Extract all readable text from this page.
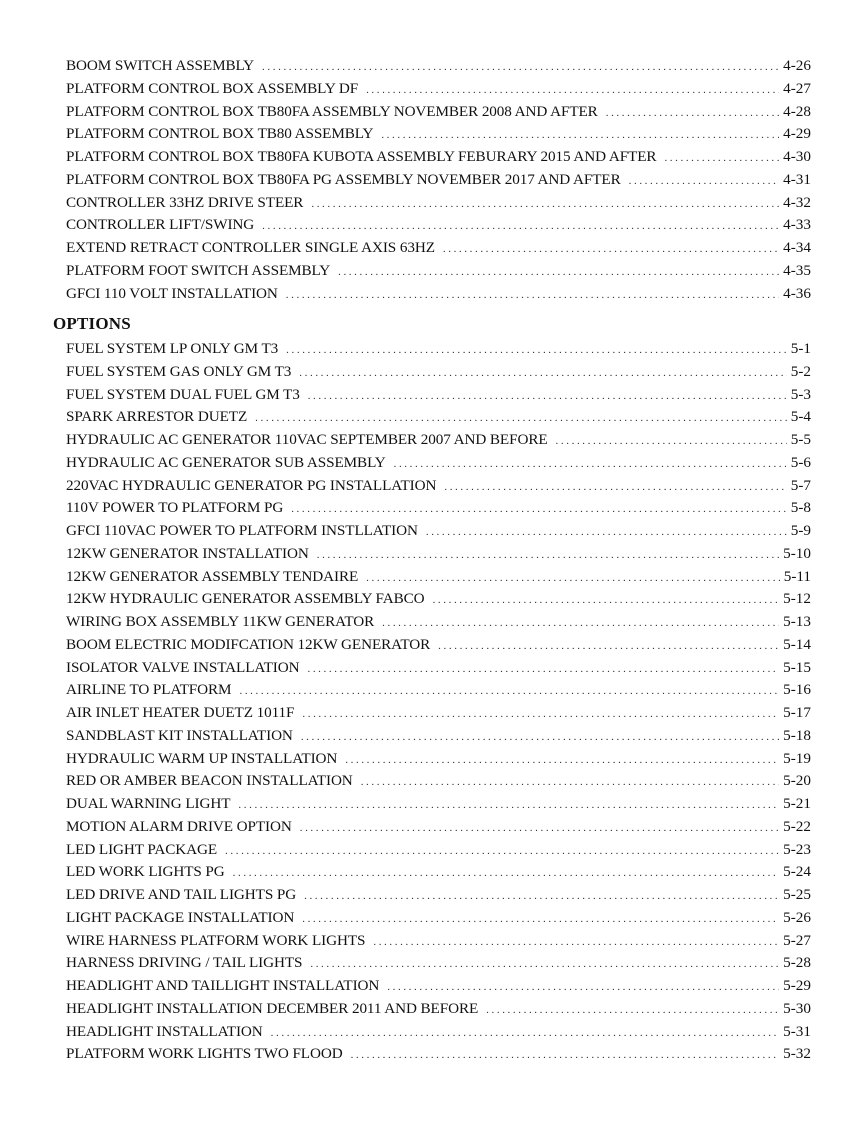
BOOM SWITCH ASSEMBLY .....	4-26
PLATFORM CONTROL BOX ASSEMBLY DF .....	4-27
PLATFORM CONTROL BOX TB80FA ASSEMBLY NOVEMBER 2008 AND AFTER .....	4-28
PLATFORM CONTROL BOX TB80 ASSEMBLY .....	4-29
PLATFORM CONTROL BOX TB80FA KUBOTA ASSEMBLY FEBURARY 2015 AND AFTER .....	4-30
PLATFORM CONTROL BOX TB80FA PG ASSEMBLY NOVEMBER 2017 AND AFTER .....	4-31
CONTROLLER 33HZ DRIVE STEER .....	4-32
CONTROLLER LIFT/SWING .....	4-33
EXTEND RETRACT CONTROLLER SINGLE AXIS 63HZ .....	4-34
PLATFORM FOOT SWITCH ASSEMBLY .....	4-35
GFCI 110 VOLT INSTALLATION .....	4-36
OPTIONS
FUEL SYSTEM LP ONLY GM T3 .....	5-1
FUEL SYSTEM GAS ONLY GM T3 .....	5-2
FUEL SYSTEM DUAL FUEL GM T3 .....	5-3
SPARK ARRESTOR DUETZ .....	5-4
HYDRAULIC AC GENERATOR 110VAC SEPTEMBER 2007 AND BEFORE .....	5-5
HYDRAULIC AC GENERATOR SUB ASSEMBLY .....	5-6
220VAC HYDRAULIC GENERATOR PG INSTALLATION .....	5-7
110V POWER TO PLATFORM PG .....	5-8
GFCI 110VAC POWER TO PLATFORM INSTLLATION .....	5-9
12KW GENERATOR INSTALLATION .....	5-10
12KW GENERATOR ASSEMBLY TENDAIRE .....	5-11
12KW HYDRAULIC GENERATOR ASSEMBLY FABCO .....	5-12
WIRING BOX ASSEMBLY 11KW GENERATOR .....	5-13
BOOM ELECTRIC MODIFCATION 12KW GENERATOR .....	5-14
ISOLATOR VALVE INSTALLATION .....	5-15
AIRLINE TO PLATFORM .....	5-16
AIR INLET HEATER DUETZ 1011F .....	5-17
SANDBLAST KIT INSTALLATION .....	5-18
HYDRAULIC WARM UP INSTALLATION .....	5-19
RED OR AMBER BEACON INSTALLATION .....	5-20
DUAL WARNING LIGHT .....	5-21
MOTION ALARM DRIVE OPTION .....	5-22
LED LIGHT PACKAGE .....	5-23
LED WORK LIGHTS PG .....	5-24
LED DRIVE AND TAIL LIGHTS PG .....	5-25
LIGHT PACKAGE INSTALLATION .....	5-26
WIRE HARNESS PLATFORM WORK LIGHTS .....	5-27
HARNESS DRIVING / TAIL LIGHTS .....	5-28
HEADLIGHT AND TAILLIGHT INSTALLATION .....	5-29
HEADLIGHT INSTALLATION DECEMBER 2011 AND BEFORE .....	5-30
HEADLIGHT INSTALLATION .....	5-31
PLATFORM WORK LIGHTS TWO FLOOD .....	5-32
